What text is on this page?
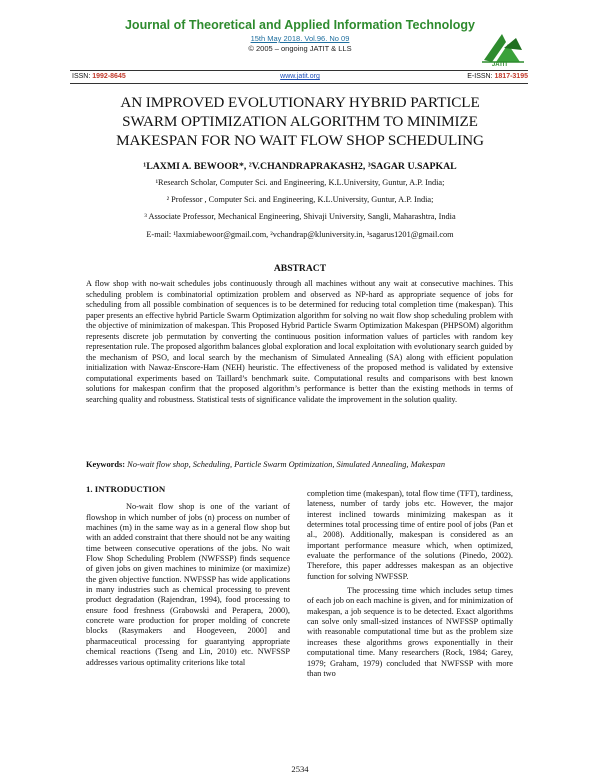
Journal of Theoretical and Applied Information Technology
15th May 2018. Vol.96. No 09
© 2005 – ongoing JATIT & LLS
JATIT
ISSN: 1992-8645	www.jatit.org	E-ISSN: 1817-3195
AN IMPROVED EVOLUTIONARY HYBRID PARTICLE
SWARM OPTIMIZATION ALGORITHM TO MINIMIZE
MAKESPAN FOR NO WAIT FLOW SHOP SCHEDULING
¹LAXMI A. BEWOOR*, ²V.CHANDRAPRAKASH2, ³SAGAR U.SAPKAL
¹Research Scholar, Computer Sci. and Engineering, K.L.University, Guntur, A.P. India;
² Professor , Computer Sci. and Engineering, K.L.University, Guntur, A.P. India;
³ Associate Professor, Mechanical Engineering, Shivaji University, Sangli, Maharashtra, India
E-mail: ¹laxmiabewoor@gmail.com, ²vchandrap@kluniversity.in, ³sagarus1201@gmail.com
ABSTRACT
A flow shop with no-wait schedules jobs continuously through all machines without any wait at consecutive machines. This scheduling problem is combinatorial optimization problem and observed as NP-hard as appropriate sequence of jobs for scheduling from all possible combination of sequences is to be determined for reducing total completion time (makespan). This paper presents an effective hybrid Particle Swarm Optimization algorithm for solving no wait flow shop scheduling problem with the objective of minimization of makespan. This Proposed Hybrid Particle Swarm Optimization Makespan (PHPSOM) algorithm represents discrete job permutation by converting the continuous position information values of particles with random key representation rule. The proposed algorithm balances global exploration and local exploitation with evolutionary search guided by the mechanism of PSO, and local search by the mechanism of Simulated Annealing (SA) along with efficient population initialization with Nawaz-Enscore-Ham (NEH) heuristic. The effectiveness of the proposed method is validated by extensive computational experiments based on Taillard’s benchmark suite. Computational results and comparisons with best known solutions for makespan confirm that the proposed algorithm’s performance is better than the existing methods in terms of searching quality and robustness. Statistical tests of significance validate the improvement in the solution quality.
Keywords: No-wait flow shop, Scheduling, Particle Swarm Optimization, Simulated Annealing, Makespan
1. INTRODUCTION

No-wait flow shop is one of the variant of flowshop in which number of jobs (n) process on number of machines (m) in the same way as in a general flow shop but with an added constraint that there should not be any waiting time between consecutive operations of the jobs. No wait Flow Shop Scheduling Problem (NWFSSP) finds sequence of given jobs on given machines to minimize (or maximize) the given objective function. NWFSSP has wide applications in many industries such as chemical processing to prevent product degradation (Rajendran, 1994), food processing to ensure food freshness (Grabowski and Perapera, 2000), concrete ware production for proper molding of concrete blocks (Rasymakers and Hoogeveen, 2000] and pharmaceutical processing for guarantying appropriate chemical reactions (Tseng and Lin, 2010) etc. NWFSSP addresses various optimality criterions like total

completion time (makespan), total flow time (TFT), tardiness, lateness, number of tardy jobs etc. However, the major interest inclined towards minimizing makespan as it determines total processing time of entire pool of jobs (Pan et al., 2008). Additionally, makespan is considered as an important performance measure which, when optimized, evaluate the performance of the solutions (Pinedo, 2002). Therefore, this paper addresses makespan as an objective function for solving NWFSSP.

The processing time which includes setup times of each job on each machine is given, and for minimization of makespan, a job sequence is to be detected. Exact algorithms can solve only small-sized instances of NWFSSP optimally with reasonable computational time but as the problem size increases these algorithms grows exponentially in their computational time. Many researchers (Rock, 1984; Garey, 1979; Graham, 1979) concluded that NWFSSP with more than two

2534
